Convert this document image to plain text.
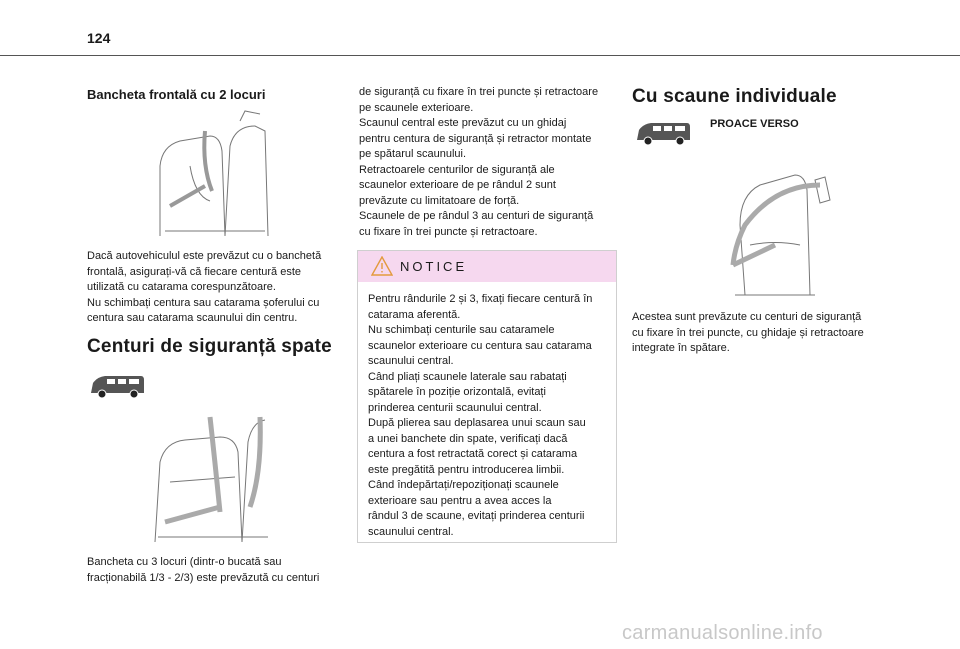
124
Bancheta frontală cu 2 locuri
Dacă autovehiculul este prevăzut cu o banchetă
frontală, asigurați-vă că fiecare centură este
utilizată cu catarama corespunzătoare.
Nu schimbați centura sau catarama șoferului cu
centura sau catarama scaunului din centru.
Centuri de siguranță spate
Bancheta cu 3 locuri (dintr-o bucată sau
fracționabilă 1/3 - 2/3) este prevăzută cu centuri
de siguranță cu fixare în trei puncte și retractoare
pe scaunele exterioare.
Scaunul central este prevăzut cu un ghidaj
pentru centura de siguranță și retractor montate
pe spătarul scaunului.
Retractoarele centurilor de siguranță ale
scaunelor exterioare de pe rândul 2 sunt
prevăzute cu limitatoare de forță.
Scaunele de pe rândul 3 au centuri de siguranță
cu fixare în trei puncte și retractoare.
NOTICE
Pentru rândurile 2 și 3, fixați fiecare centură în
catarama aferentă.
Nu schimbați centurile sau cataramele
scaunelor exterioare cu centura sau catarama
scaunului central.
Când pliați scaunele laterale sau rabatați
spătarele în poziție orizontală, evitați
prinderea centurii scaunului central.
După plierea sau deplasarea unui scaun sau
a unei banchete din spate, verificați dacă
centura a fost retractată corect și catarama
este pregătită pentru introducerea limbii.
Când îndepărtați/repoziționați scaunele
exterioare sau pentru a avea acces la
rândul 3 de scaune, evitați prinderea centurii
scaunului central.
Cu scaune individuale
PROACE VERSO
Acestea sunt prevăzute cu centuri de siguranță
cu fixare în trei puncte, cu ghidaje și retractoare
integrate în spătare.
carmanualsonline.info
